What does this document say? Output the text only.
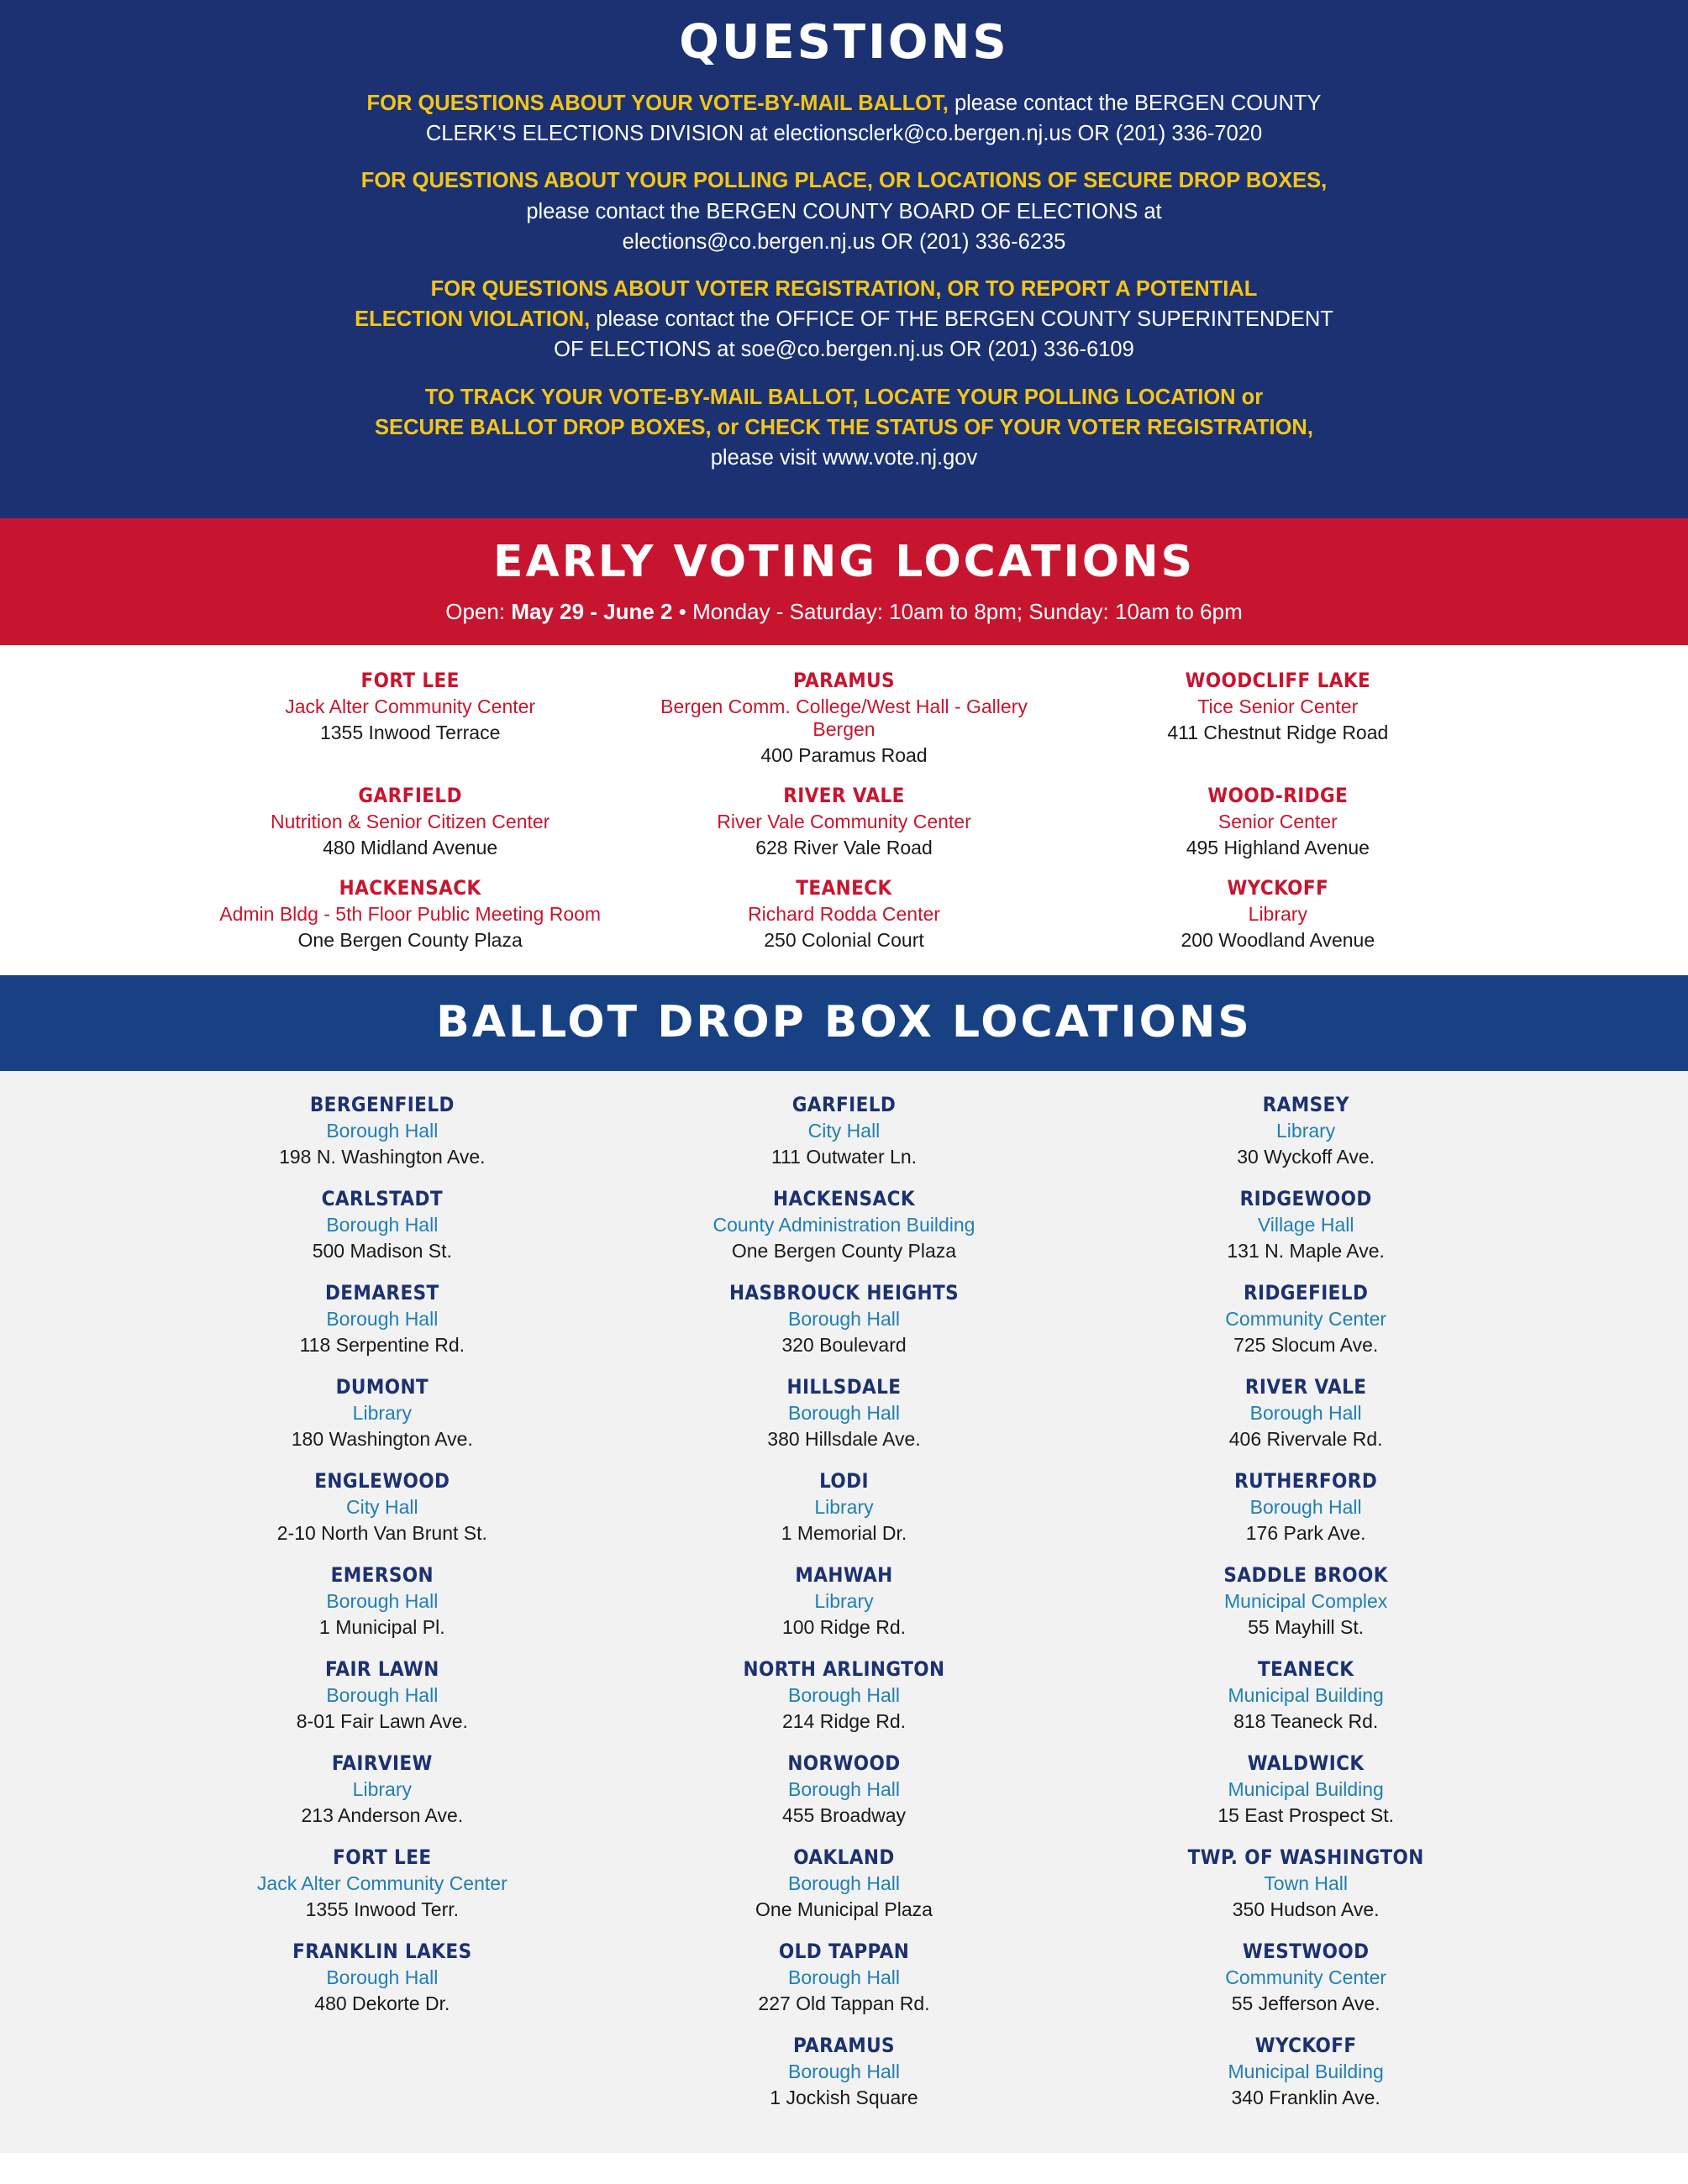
QUESTIONS
FOR QUESTIONS ABOUT YOUR VOTE-BY-MAIL BALLOT, please contact the BERGEN COUNTY
CLERK’S ELECTIONS DIVISION at electionsclerk@co.bergen.nj.us OR (201) 336-7020
FOR QUESTIONS ABOUT YOUR POLLING PLACE, OR LOCATIONS OF SECURE DROP BOXES,
please contact the BERGEN COUNTY BOARD OF ELECTIONS at
elections@co.bergen.nj.us OR (201) 336-6235
FOR QUESTIONS ABOUT VOTER REGISTRATION, OR TO REPORT A POTENTIAL
ELECTION VIOLATION, please contact the OFFICE OF THE BERGEN COUNTY SUPERINTENDENT
OF ELECTIONS at soe@co.bergen.nj.us OR (201) 336-6109
TO TRACK YOUR VOTE-BY-MAIL BALLOT, LOCATE YOUR POLLING LOCATION or
SECURE BALLOT DROP BOXES, or CHECK THE STATUS OF YOUR VOTER REGISTRATION,
please visit www.vote.nj.gov
EARLY VOTING LOCATIONS
Open: May 29 - June 2 • Monday - Saturday: 10am to 8pm; Sunday: 10am to 6pm
FORT LEE
Jack Alter Community Center
1355 Inwood Terrace
PARAMUS
Bergen Comm. College/West Hall - Gallery Bergen
400 Paramus Road
WOODCLIFF LAKE
Tice Senior Center
411 Chestnut Ridge Road
GARFIELD
Nutrition & Senior Citizen Center
480 Midland Avenue
RIVER VALE
River Vale Community Center
628 River Vale Road
WOOD-RIDGE
Senior Center
495 Highland Avenue
HACKENSACK
Admin Bldg - 5th Floor Public Meeting Room
One Bergen County Plaza
TEANECK
Richard Rodda Center
250 Colonial Court
WYCKOFF
Library
200 Woodland Avenue
BALLOT DROP BOX LOCATIONS
BERGENFIELD
Borough Hall
198 N. Washington Ave.
CARLSTADT
Borough Hall
500 Madison St.
DEMAREST
Borough Hall
118 Serpentine Rd.
DUMONT
Library
180 Washington Ave.
ENGLEWOOD
City Hall
2-10 North Van Brunt St.
EMERSON
Borough Hall
1 Municipal Pl.
FAIR LAWN
Borough Hall
8-01 Fair Lawn Ave.
FAIRVIEW
Library
213 Anderson Ave.
FORT LEE
Jack Alter Community Center
1355 Inwood Terr.
FRANKLIN LAKES
Borough Hall
480 Dekorte Dr.
GARFIELD
City Hall
111 Outwater Ln.
HACKENSACK
County Administration Building
One Bergen County Plaza
HASBROUCK HEIGHTS
Borough Hall
320 Boulevard
HILLSDALE
Borough Hall
380 Hillsdale Ave.
LODI
Library
1 Memorial Dr.
MAHWAH
Library
100 Ridge Rd.
NORTH ARLINGTON
Borough Hall
214 Ridge Rd.
NORWOOD
Borough Hall
455 Broadway
OAKLAND
Borough Hall
One Municipal Plaza
OLD TAPPAN
Borough Hall
227 Old Tappan Rd.
PARAMUS
Borough Hall
1 Jockish Square
RAMSEY
Library
30 Wyckoff Ave.
RIDGEWOOD
Village Hall
131 N. Maple Ave.
RIDGEFIELD
Community Center
725 Slocum Ave.
RIVER VALE
Borough Hall
406 Rivervale Rd.
RUTHERFORD
Borough Hall
176 Park Ave.
SADDLE BROOK
Municipal Complex
55 Mayhill St.
TEANECK
Municipal Building
818 Teaneck Rd.
WALDWICK
Municipal Building
15 East Prospect St.
TWP. OF WASHINGTON
Town Hall
350 Hudson Ave.
WESTWOOD
Community Center
55 Jefferson Ave.
WYCKOFF
Municipal Building
340 Franklin Ave.
